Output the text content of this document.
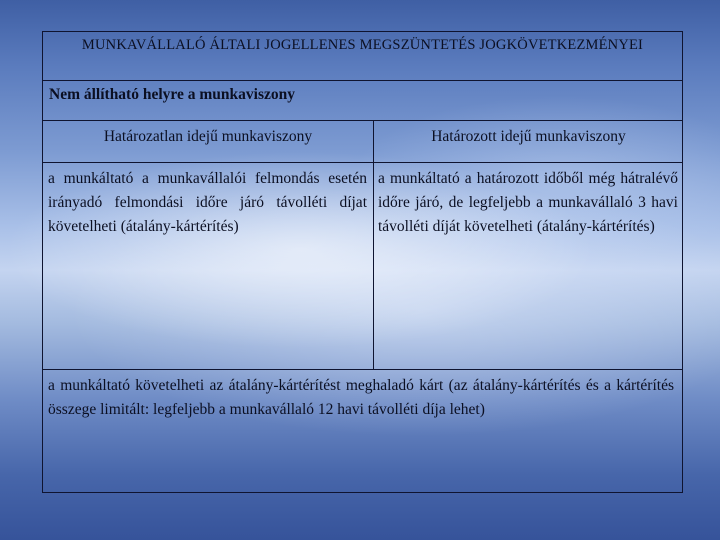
MUNKAVÁLLALÓ ÁLTALI JOGELLENES MEGSZÜNTETÉS JOGKÖVETKEZMÉNYEI
Nem állítható helyre a munkaviszony
Határozatlan idejű munkaviszony	Határozott idejű munkaviszony
a munkáltató a munkavállalói felmondás esetén irányadó felmondási időre járó távolléti díjat követelheti (átalány-kártérítés)
a munkáltató a határozott időből még hátralévő időre járó, de legfeljebb a munkavállaló 3 havi távolléti díját követelheti (átalány-kártérítés)
a munkáltató követelheti az átalány-kártérítést meghaladó kárt (az átalány-kártérítés és a kártérítés összege limitált: legfeljebb a munkavállaló 12 havi távolléti díja lehet)
